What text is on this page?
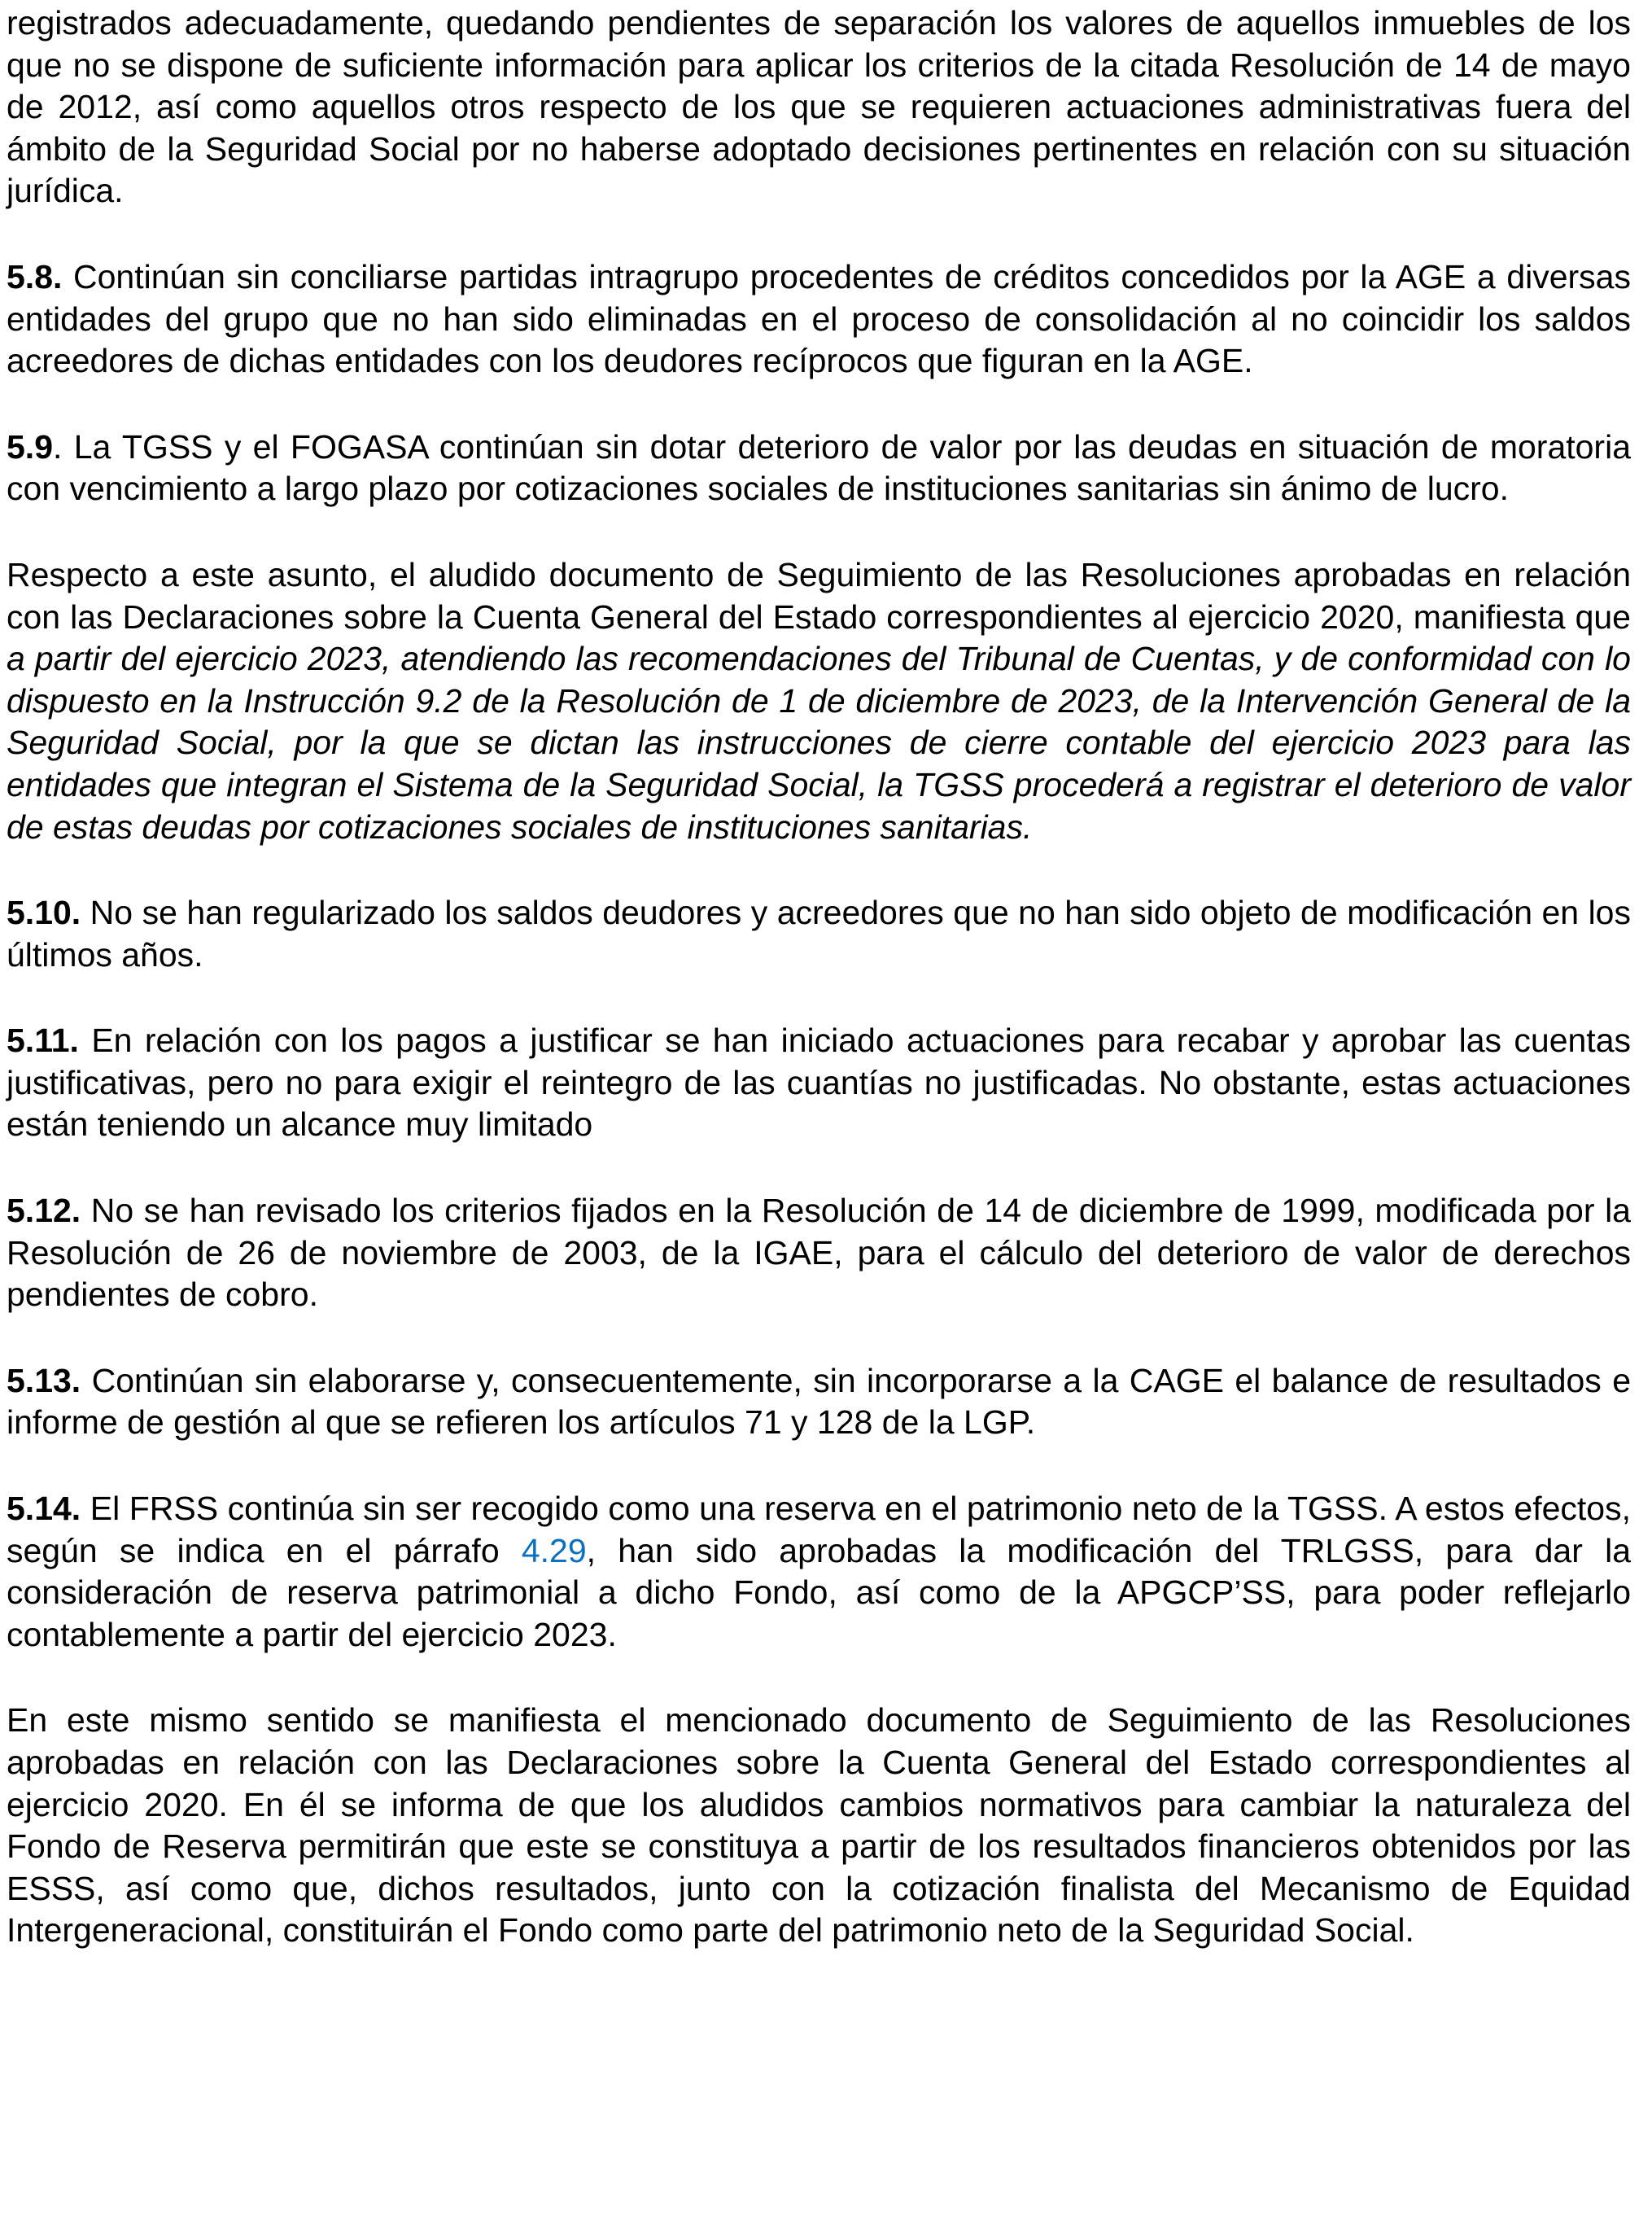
registrados adecuadamente, quedando pendientes de separación los valores de aquellos inmuebles de los que no se dispone de suficiente información para aplicar los criterios de la citada Resolución de 14 de mayo de 2012, así como aquellos otros respecto de los que se requieren actuaciones administrativas fuera del ámbito de la Seguridad Social por no haberse adoptado decisiones pertinentes en relación con su situación jurídica.

5.8. Continúan sin conciliarse partidas intragrupo procedentes de créditos concedidos por la AGE a diversas entidades del grupo que no han sido eliminadas en el proceso de consolidación al no coincidir los saldos acreedores de dichas entidades con los deudores recíprocos que figuran en la AGE.

5.9. La TGSS y el FOGASA continúan sin dotar deterioro de valor por las deudas en situación de moratoria con vencimiento a largo plazo por cotizaciones sociales de instituciones sanitarias sin ánimo de lucro.

Respecto a este asunto, el aludido documento de Seguimiento de las Resoluciones aprobadas en relación con las Declaraciones sobre la Cuenta General del Estado correspondientes al ejercicio 2020, manifiesta que a partir del ejercicio 2023, atendiendo las recomendaciones del Tribunal de Cuentas, y de conformidad con lo dispuesto en la Instrucción 9.2 de la Resolución de 1 de diciembre de 2023, de la Intervención General de la Seguridad Social, por la que se dictan las instrucciones de cierre contable del ejercicio 2023 para las entidades que integran el Sistema de la Seguridad Social, la TGSS procederá a registrar el deterioro de valor de estas deudas por cotizaciones sociales de instituciones sanitarias.

5.10. No se han regularizado los saldos deudores y acreedores que no han sido objeto de modificación en los últimos años.

5.11. En relación con los pagos a justificar se han iniciado actuaciones para recabar y aprobar las cuentas justificativas, pero no para exigir el reintegro de las cuantías no justificadas. No obstante, estas actuaciones están teniendo un alcance muy limitado

5.12. No se han revisado los criterios fijados en la Resolución de 14 de diciembre de 1999, modificada por la Resolución de 26 de noviembre de 2003, de la IGAE, para el cálculo del deterioro de valor de derechos pendientes de cobro.

5.13. Continúan sin elaborarse y, consecuentemente, sin incorporarse a la CAGE el balance de resultados e informe de gestión al que se refieren los artículos 71 y 128 de la LGP.

5.14. El FRSS continúa sin ser recogido como una reserva en el patrimonio neto de la TGSS. A estos efectos, según se indica en el párrafo 4.29, han sido aprobadas la modificación del TRLGSS, para dar la consideración de reserva patrimonial a dicho Fondo, así como de la APGCP’SS, para poder reflejarlo contablemente a partir del ejercicio 2023.

En este mismo sentido se manifiesta el mencionado documento de Seguimiento de las Resoluciones aprobadas en relación con las Declaraciones sobre la Cuenta General del Estado correspondientes al ejercicio 2020. En él se informa de que los aludidos cambios normativos para cambiar la naturaleza del Fondo de Reserva permitirán que este se constituya a partir de los resultados financieros obtenidos por las ESSS, así como que, dichos resultados, junto con la cotización finalista del Mecanismo de Equidad Intergeneracional, constituirán el Fondo como parte del patrimonio neto de la Seguridad Social.
